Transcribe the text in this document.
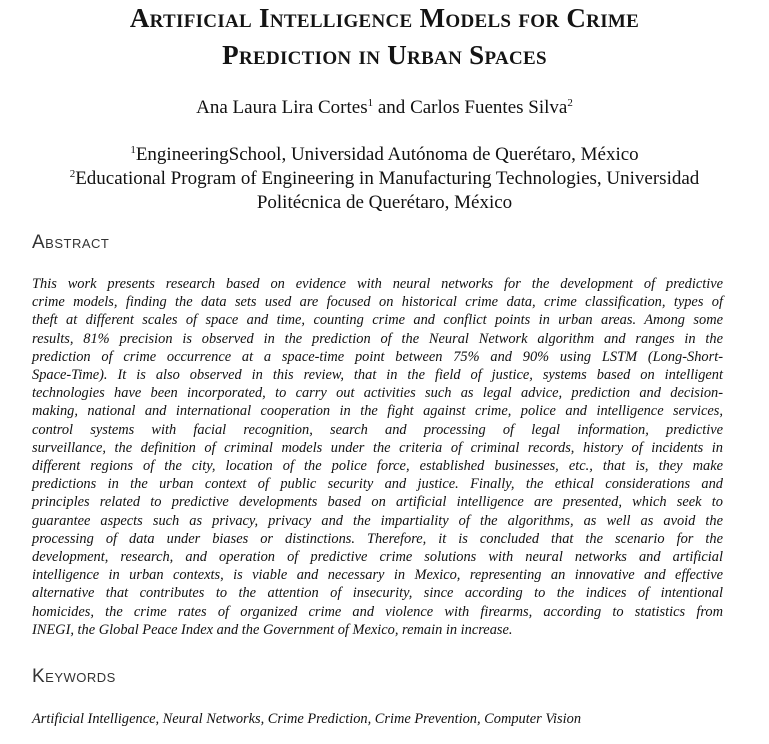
Artificial Intelligence Models for Crime
Prediction in Urban Spaces
Ana Laura Lira Cortes$^1$ and Carlos Fuentes Silva$^2$
$^1$EngineeringSchool, Universidad Autónoma de Querétaro, México
$^2$Educational Program of Engineering in Manufacturing Technologies, Universidad
Politécnica de Querétaro, México
Abstract
This work presents research based on evidence with neural networks for the development of predictive
crime models, finding the data sets used are focused on historical crime data, crime classification, types of
theft at different scales of space and time, counting crime and conflict points in urban areas. Among some
results, 81% precision is observed in the prediction of the Neural Network algorithm and ranges in the
prediction of crime occurrence at a space-time point between 75% and 90% using LSTM (Long-Short-
Space-Time). It is also observed in this review, that in the field of justice, systems based on intelligent
technologies have been incorporated, to carry out activities such as legal advice, prediction and decision-
making, national and international cooperation in the fight against crime, police and intelligence services,
control systems with facial recognition, search and processing of legal information, predictive
surveillance, the definition of criminal models under the criteria of criminal records, history of incidents in
different regions of the city, location of the police force, established businesses, etc., that is, they make
predictions in the urban context of public security and justice. Finally, the ethical considerations and
principles related to predictive developments based on artificial intelligence are presented, which seek to
guarantee aspects such as privacy, privacy and the impartiality of the algorithms, as well as avoid the
processing of data under biases or distinctions. Therefore, it is concluded that the scenario for the
development, research, and operation of predictive crime solutions with neural networks and artificial
intelligence in urban contexts, is viable and necessary in Mexico, representing an innovative and effective
alternative that contributes to the attention of insecurity, since according to the indices of intentional
homicides, the crime rates of organized crime and violence with firearms, according to statistics from
INEGI, the Global Peace Index and the Government of Mexico, remain in increase.
Keywords
Artificial Intelligence, Neural Networks, Crime Prediction, Crime Prevention, Computer Vision
